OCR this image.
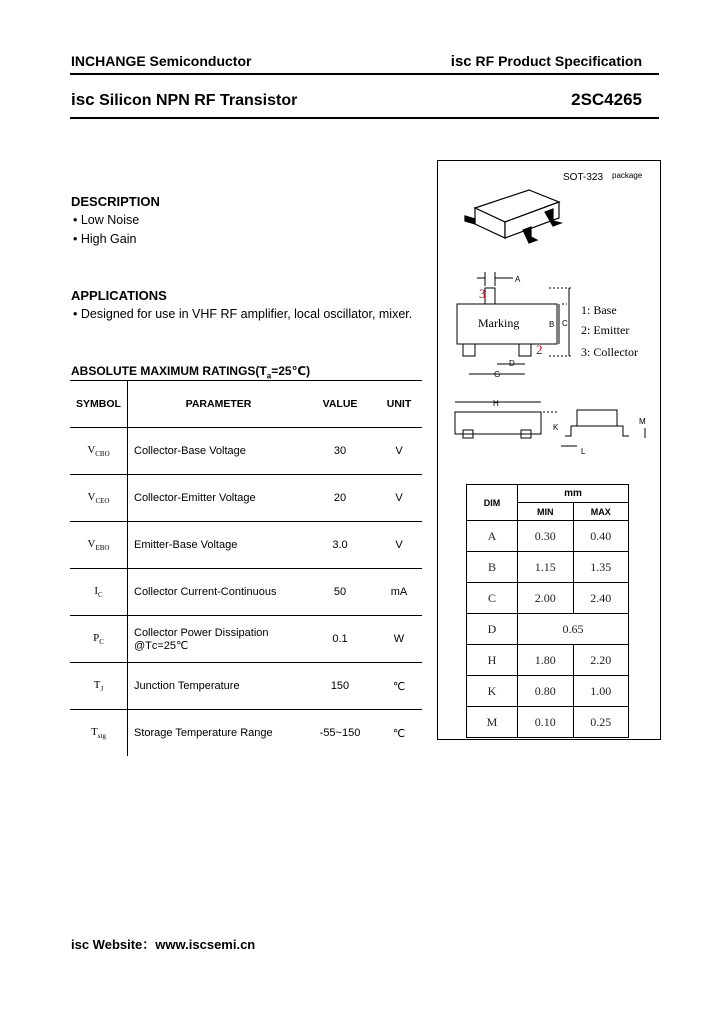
INCHANGE Semiconductor	isc RF Product Specification
isc Silicon NPN RF Transistor	2SC4265
DESCRIPTION
• Low Noise
• High Gain
APPLICATIONS
• Designed for use in VHF RF amplifier, local oscillator, mixer.
ABSOLUTE MAXIMUM $RATINGS(T_a=25℃)$
SYMBOL	PARAMETER	VALUE	UNIT
$V_{CBO}$	Collector-Base Voltage	30	V
$V_{CEO}$	Collector-Emitter Voltage	20	V
$V_{EBO}$	Emitter-Base Voltage	3.0	V
$I_C$	Collector Current-Continuous	50	mA
$P_C$	Collector Power Dissipation
@Tᴄ=25℃	0.1	W
$T_J$	Junction Temperature	150	℃
$T_{stg}$	Storage Temperature Range	-55~150	℃
SOT-323 package
Marking
3
2
A
B C
D
G
1: Base
2: Emitter
3: Collector
H
K
L
M
DIM	mm	
	MIN	MAX
A	0.30	0.40
B	1.15	1.35
C	2.00	2.40
D	0.65	
H	1.80	2.20
K	0.80	1.00
M	0.10	0.25
isc Website：www.iscsemi.cn
